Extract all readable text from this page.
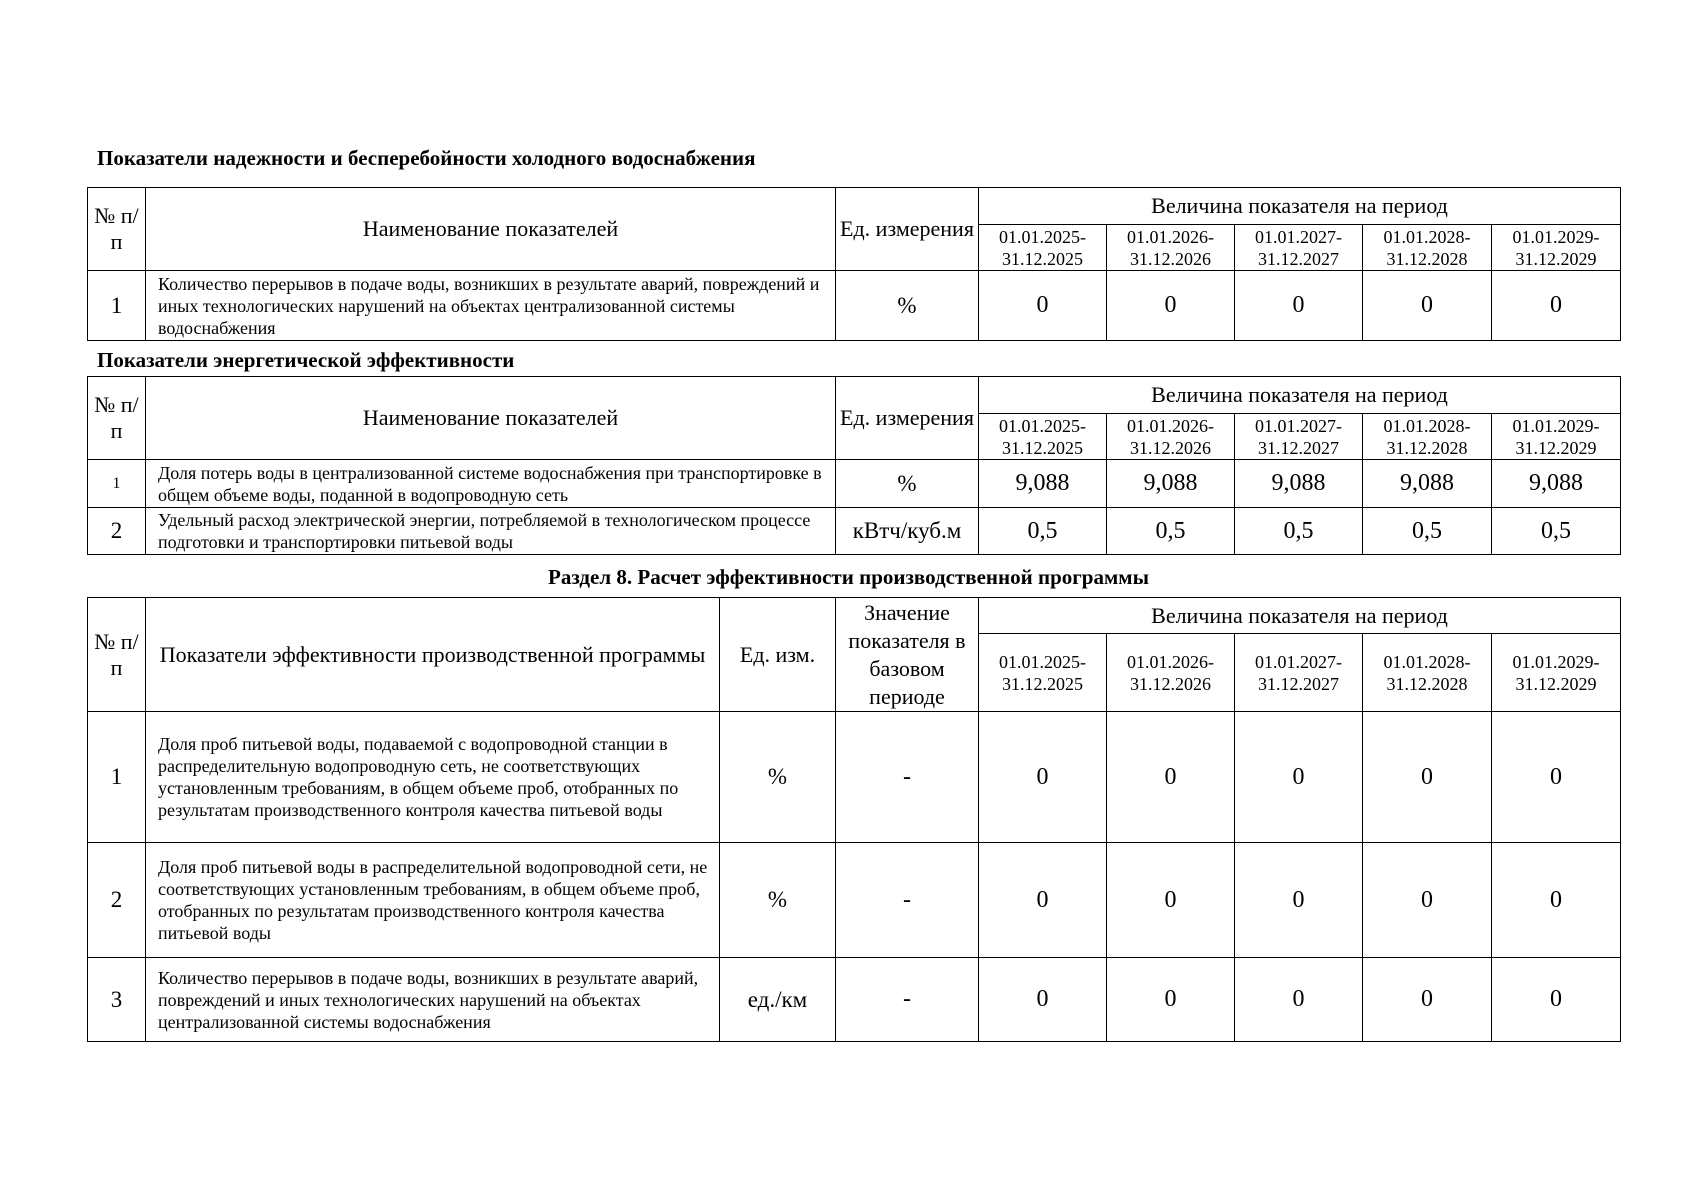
Показатели надежности и бесперебойности холодного водоснабжения
№ п/п	Наименование показателей	Ед. измерения	Величина показателя на период				
			01.01.2025-31.12.2025	01.01.2026-31.12.2026	01.01.2027-31.12.2027	01.01.2028-31.12.2028	01.01.2029-31.12.2029
1	Количество перерывов в подаче воды, возникших в результате аварий, повреждений и иных технологических нарушений на объектах централизованной системы водоснабжения	%	0	0	0	0	0
Показатели энергетической эффективности
№ п/п	Наименование показателей	Ед. измерения	Величина показателя на период				
			01.01.2025-31.12.2025	01.01.2026-31.12.2026	01.01.2027-31.12.2027	01.01.2028-31.12.2028	01.01.2029-31.12.2029
1	Доля потерь воды в централизованной системе водоснабжения при транспортировке в общем объеме воды, поданной в водопроводную сеть	%	9,088	9,088	9,088	9,088	9,088
2	Удельный расход электрической энергии, потребляемой в технологическом процессе подготовки и транспортировки питьевой воды	кВтч/куб.м	0,5	0,5	0,5	0,5	0,5
Раздел 8. Расчет эффективности производственной программы
№ п/п	Показатели эффективности производственной программы	Ед. изм.	Значение показателя в базовом периоде	Величина показателя на период				
				01.01.2025-31.12.2025	01.01.2026-31.12.2026	01.01.2027-31.12.2027	01.01.2028-31.12.2028	01.01.2029-31.12.2029
1	Доля проб питьевой воды, подаваемой с водопроводной станции в распределительную водопроводную сеть, не соответствующих установленным требованиям, в общем объеме проб, отобранных по результатам производственного контроля качества питьевой воды	%	-	0	0	0	0	0
2	Доля проб питьевой воды в распределительной водопроводной сети, не соответствующих установленным требованиям, в общем объеме проб, отобранных по результатам производственного контроля качества питьевой воды	%	-	0	0	0	0	0
3	Количество перерывов в подаче воды, возникших в результате аварий, повреждений и иных технологических нарушений на объектах централизованной системы водоснабжения	ед./км	-	0	0	0	0	0
